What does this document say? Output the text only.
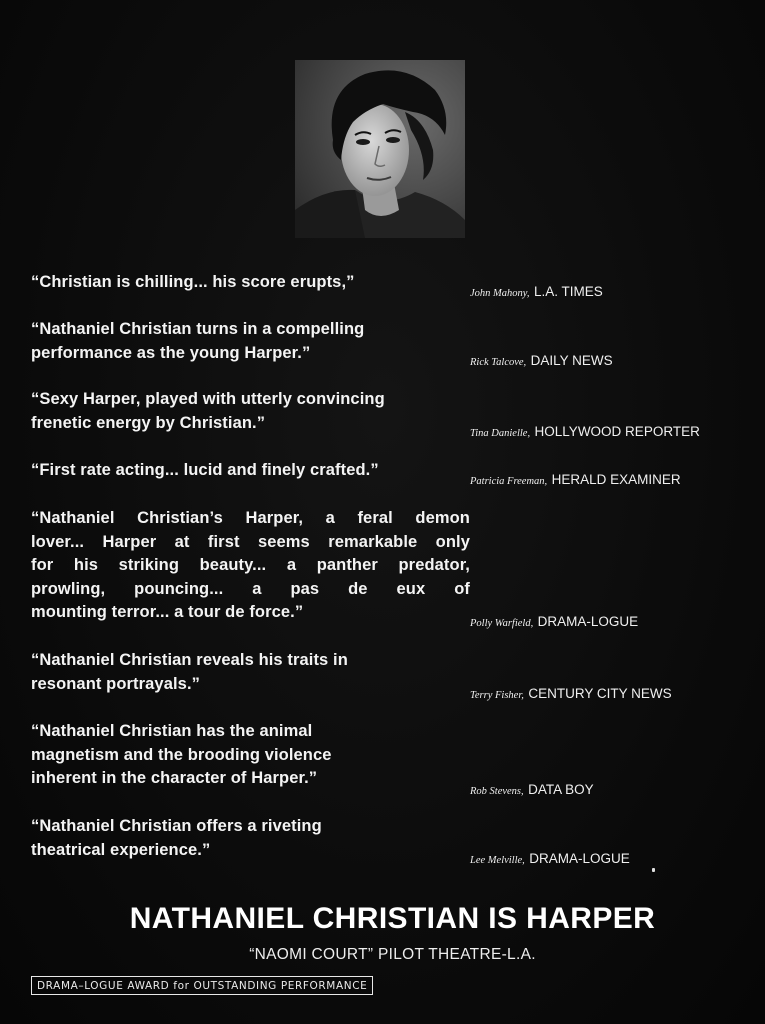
“Christian is chilling... his score erupts,”
John Mahony, L.A. TIMES
“Nathaniel Christian turns in a compelling
performance as the young Harper.”
Rick Talcove, DAILY NEWS
“Sexy Harper, played with utterly convincing
frenetic energy by Christian.”
Tina Danielle, HOLLYWOOD REPORTER
“First rate acting... lucid and finely crafted.”
Patricia Freeman, HERALD EXAMINER
“Nathaniel Christian’s Harper, a feral demon
lover... Harper at first seems remarkable only
for his striking beauty... a panther predator,
prowling, pouncing... a pas de eux of
mounting terror... a tour de force.”
Polly Warfield, DRAMA-LOGUE
“Nathaniel Christian reveals his traits in
resonant portrayals.”
Terry Fisher, CENTURY CITY NEWS
“Nathaniel Christian has the animal
magnetism and the brooding violence
inherent in the character of Harper.”
Rob Stevens, DATA BOY
“Nathaniel Christian offers a riveting
theatrical experience.”
Lee Melville, DRAMA-LOGUE
NATHANIEL CHRISTIAN IS HARPER
“NAOMI COURT” PILOT THEATRE-L.A.
DRAMA–LOGUE AWARD for OUTSTANDING PERFORMANCE
